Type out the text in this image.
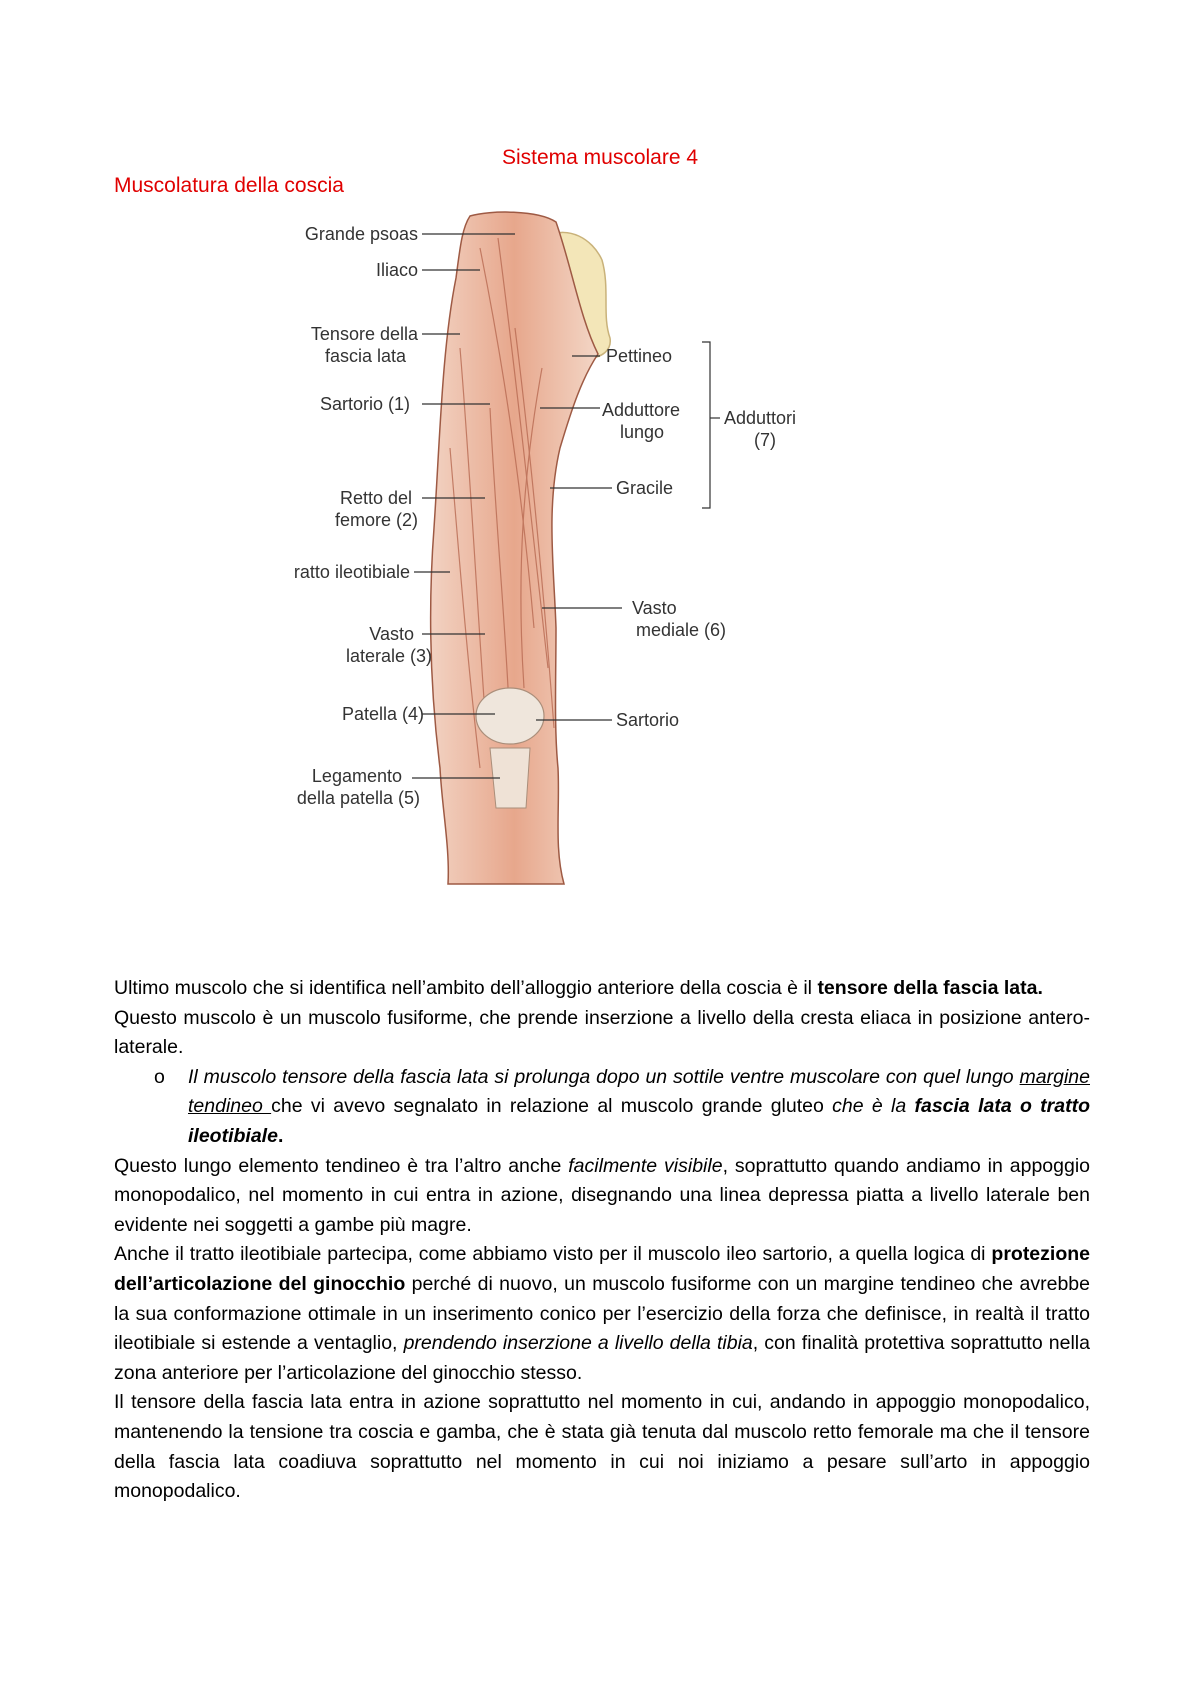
Sistema muscolare 4
Muscolatura della coscia
Grande psoas
Iliaco
Tensore della
fascia lata
Sartorio (1)
Retto del
femore (2)
ratto ileotibiale
Vasto
laterale (3)
Patella (4)
Legamento
della patella (5)
Pettineo
Adduttore
lungo
Gracile
Adduttori
(7)
Vasto
mediale (6)
Sartorio

Ultimo muscolo che si identifica nell’ambito dell’alloggio anteriore della coscia è il tensore della fascia lata.

Questo muscolo è un muscolo fusiforme, che prende inserzione a livello della cresta eliaca in posizione antero-laterale.

o Il muscolo tensore della fascia lata si prolunga dopo un sottile ventre muscolare con quel lungo margine tendineo che vi avevo segnalato in relazione al muscolo grande gluteo che è la fascia lata o tratto ileotibiale.

Questo lungo elemento tendineo è tra l’altro anche facilmente visibile, soprattutto quando andiamo in appoggio monopodalico, nel momento in cui entra in azione, disegnando una linea depressa piatta a livello laterale ben evidente nei soggetti a gambe più magre.

Anche il tratto ileotibiale partecipa, come abbiamo visto per il muscolo ileo sartorio, a quella logica di protezione dell’articolazione del ginocchio perché di nuovo, un muscolo fusiforme con un margine tendineo che avrebbe la sua conformazione ottimale in un inserimento conico per l’esercizio della forza che definisce, in realtà il tratto ileotibiale si estende a ventaglio, prendendo inserzione a livello della tibia, con finalità protettiva soprattutto nella zona anteriore per l’articolazione del ginocchio stesso.

Il tensore della fascia lata entra in azione soprattutto nel momento in cui, andando in appoggio monopodalico, mantenendo la tensione tra coscia e gamba, che è stata già tenuta dal muscolo retto femorale ma che il tensore della fascia lata coadiuva soprattutto nel momento in cui noi iniziamo a pesare sull’arto in appoggio monopodalico.
